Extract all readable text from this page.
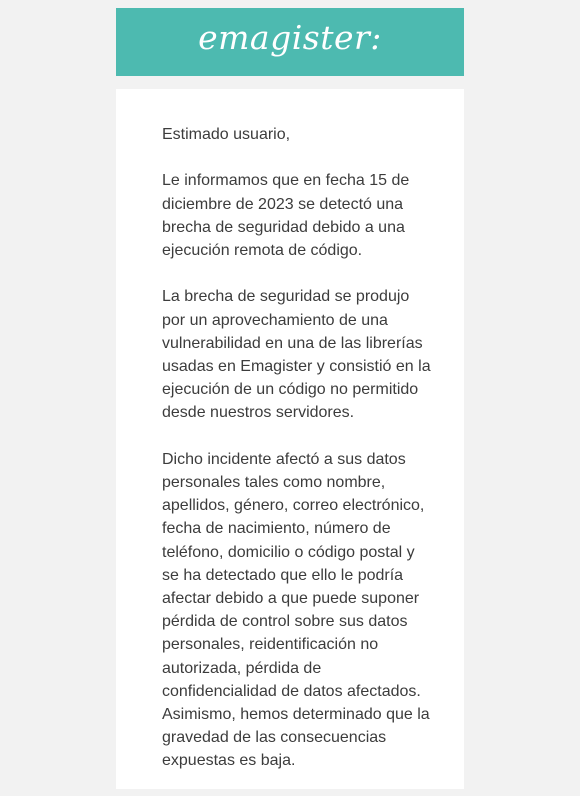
emagister:

Estimado usuario,

Le informamos que en fecha 15 de diciembre de 2023 se detectó una brecha de seguridad debido a una ejecución remota de código.

La brecha de seguridad se produjo por un aprovechamiento de una vulnerabilidad en una de las librerías usadas en Emagister y consistió en la ejecución de un código no permitido desde nuestros servidores.

Dicho incidente afectó a sus datos personales tales como nombre, apellidos, género, correo electrónico, fecha de nacimiento, número de teléfono, domicilio o código postal y se ha detectado que ello le podría afectar debido a que puede suponer pérdida de control sobre sus datos personales, reidentificación no autorizada, pérdida de confidencialidad de datos afectados. Asimismo, hemos determinado que la gravedad de las consecuencias expuestas es baja.
